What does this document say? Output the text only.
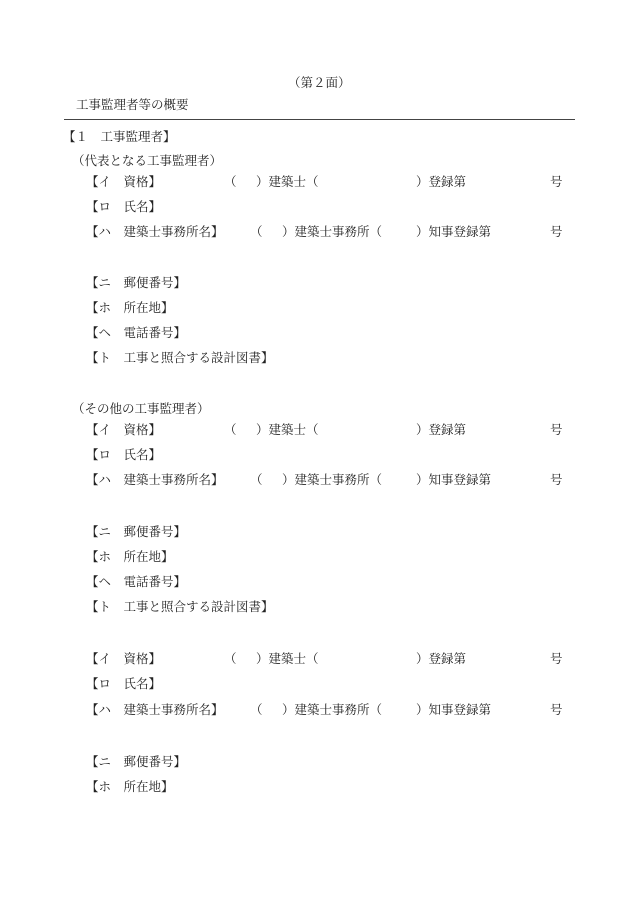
（第２面）
工事監理者等の概要
【１　工事監理者】
（代表となる工事監理者）
【イ　資格】	（ ）建築士（	）登録第	号
【ロ　氏名】
【ハ　建築士事務所名】 （ ）建築士事務所（	）知事登録第	号
【ニ　郵便番号】
【ホ　所在地】
【ヘ　電話番号】
【ト　工事と照合する設計図書】
（その他の工事監理者）
【イ　資格】	（ ）建築士（	）登録第	号
【ロ　氏名】
【ハ　建築士事務所名】 （ ）建築士事務所（	）知事登録第	号
【ニ　郵便番号】
【ホ　所在地】
【ヘ　電話番号】
【ト　工事と照合する設計図書】
【イ　資格】	（ ）建築士（	）登録第	号
【ロ　氏名】
【ハ　建築士事務所名】 （ ）建築士事務所（	）知事登録第	号
【ニ　郵便番号】
【ホ　所在地】
